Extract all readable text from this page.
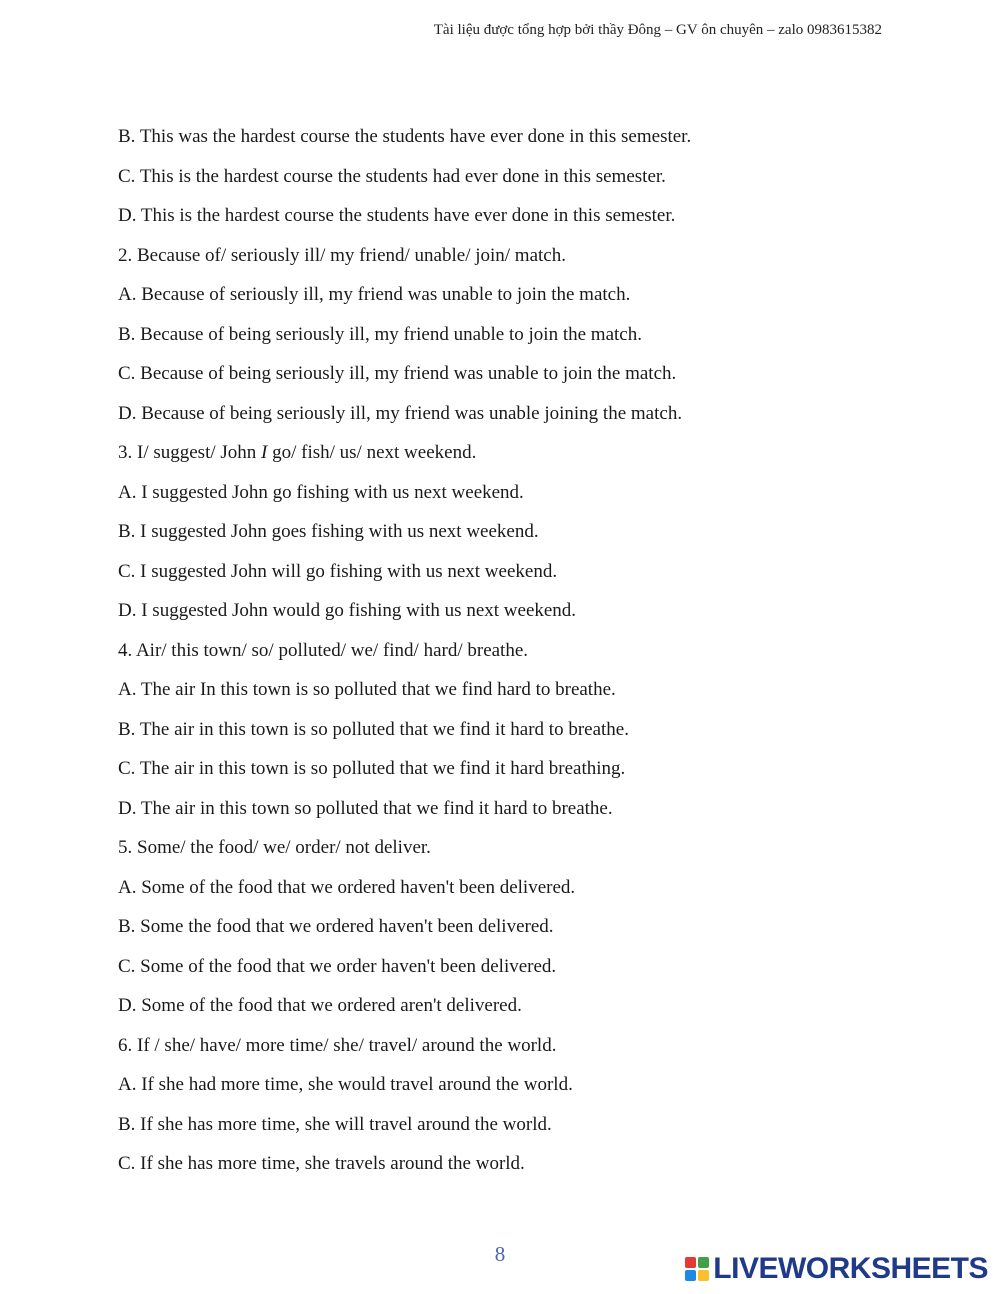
Tài liệu được tổng hợp bởi thầy Đông – GV ôn chuyên – zalo 0983615382
B. This was the hardest course the students have ever done in this semester.
C. This is the hardest course the students had ever done in this semester.
D. This is the hardest course the students have ever done in this semester.
2. Because of/ seriously ill/ my friend/ unable/ join/ match.
A. Because of seriously ill, my friend was unable to join the match.
B. Because of being seriously ill, my friend unable to join the match.
C. Because of being seriously ill, my friend was unable to join the match.
D. Because of being seriously ill, my friend was unable joining the match.
3. I/ suggest/ John I go/ fish/ us/ next weekend.
A. I suggested John go fishing with us next weekend.
B. I suggested John goes fishing with us next weekend.
C. I suggested John will go fishing with us next weekend.
D. I suggested John would go fishing with us next weekend.
4. Air/ this town/ so/ polluted/ we/ find/ hard/ breathe.
A. The air In this town is so polluted that we find hard to breathe.
B. The air in this town is so polluted that we find it hard to breathe.
C. The air in this town is so polluted that we find it hard breathing.
D. The air in this town so polluted that we find it hard to breathe.
5. Some/ the food/ we/ order/ not deliver.
A. Some of the food that we ordered haven't been delivered.
B. Some the food that we ordered haven't been delivered.
C. Some of the food that we order haven't been delivered.
D. Some of the food that we ordered aren't delivered.
6. If / she/ have/ more time/ she/ travel/ around the world.
A. If she had more time, she would travel around the world.
B. If she has more time, she will travel around the world.
C. If she has more time, she travels around the world.
8	LIVEWORKSHEETS
